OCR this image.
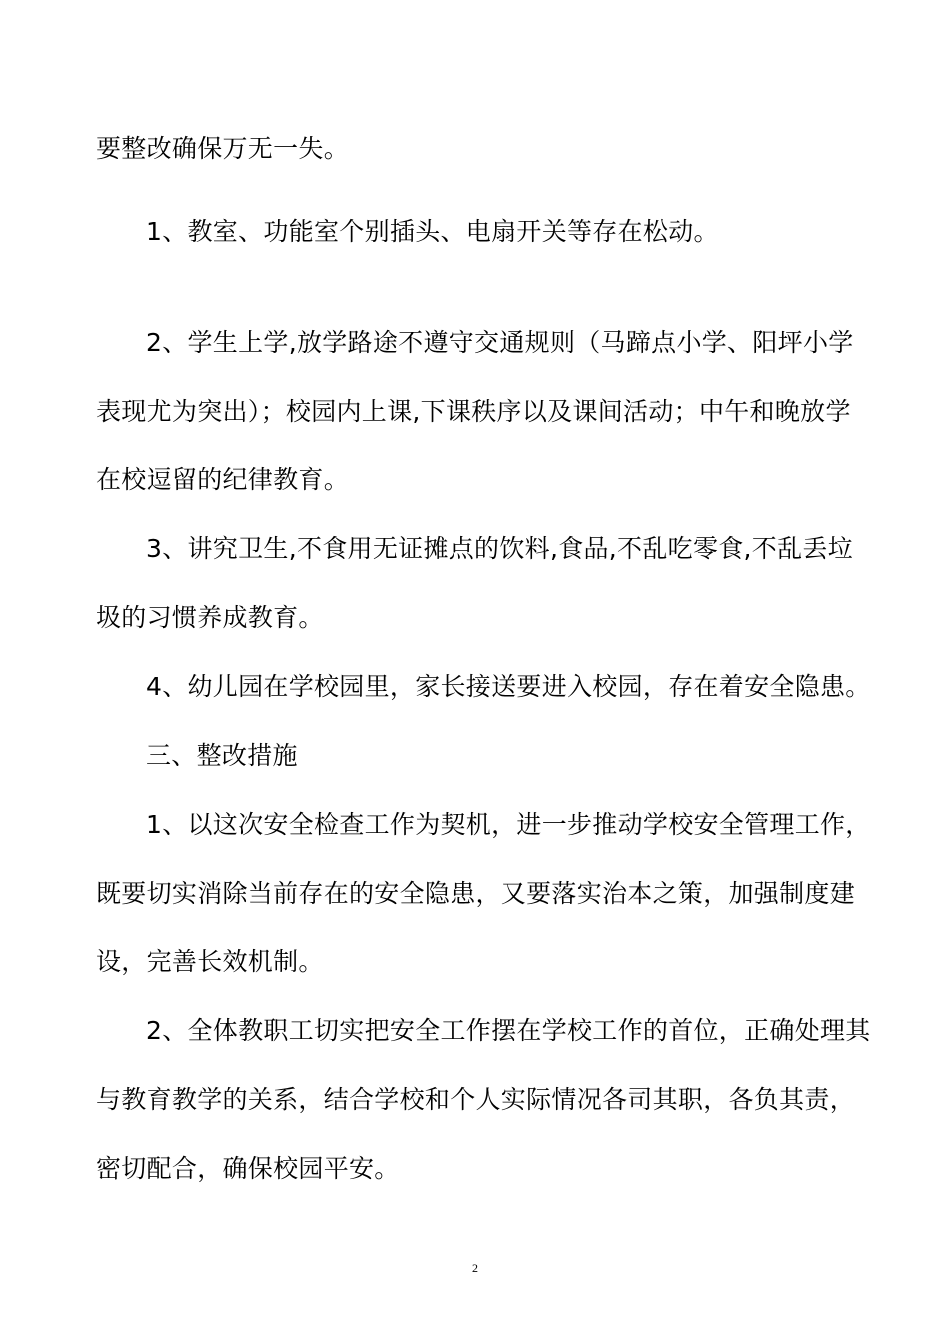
要整改确保万无一失。
1、教室、功能室个别插头、电扇开关等存在松动。
2、学生上学,放学路途不遵守交通规则（马蹄点小学、阳坪小学
表现尤为突出）；校园内上课,下课秩序以及课间活动；中午和晚放学
在校逗留的纪律教育。
3、讲究卫生,不食用无证摊点的饮料,食品,不乱吃零食,不乱丢垃
圾的习惯养成教育。
4、幼儿园在学校园里，家长接送要进入校园，存在着安全隐患。
三、整改措施
1、以这次安全检查工作为契机，进一步推动学校安全管理工作，
既要切实消除当前存在的安全隐患，又要落实治本之策，加强制度建
设，完善长效机制。
2、全体教职工切实把安全工作摆在学校工作的首位，正确处理其
与教育教学的关系，结合学校和个人实际情况各司其职，各负其责，
密切配合，确保校园平安。
2
